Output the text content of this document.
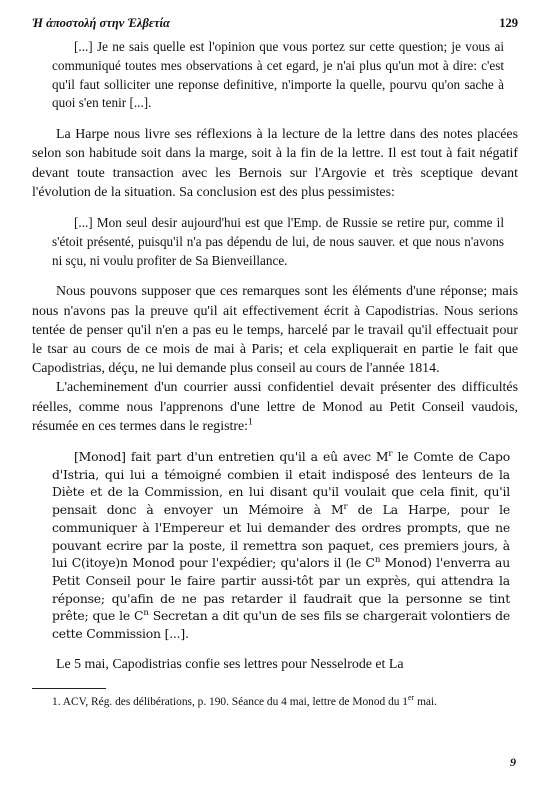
Ἡ ἀποστολή στην Ἑλβετία	129

[...] Je ne sais quelle est l'opinion que vous portez sur cette question; je vous ai communiqué toutes mes observations à cet egard, je n'ai plus qu'un mot à dire: c'est qu'il faut solliciter une reponse definitive, n'importe la quelle, pourvu qu'on sache à quoi s'en tenir [...].

La Harpe nous livre ses réflexions à la lecture de la lettre dans des notes placées selon son habitude soit dans la marge, soit à la fin de la lettre. Il est tout à fait négatif devant toute transaction avec les Bernois sur l'Argovie et très sceptique devant l'évolution de la situation. Sa conclusion est des plus pessimistes:

[...] Mon seul desir aujourd'hui est que l'Emp. de Russie se retire pur, comme il s'étoit présenté, puisqu'il n'a pas dépendu de lui, de nous sauver. et que nous n'avons ni sçu, ni voulu profiter de Sa Bienveillance.

Nous pouvons supposer que ces remarques sont les éléments d'une réponse; mais nous n'avons pas la preuve qu'il ait effectivement écrit à Capodistrias. Nous serions tentée de penser qu'il n'en a pas eu le temps, harcelé par le travail qu'il effectuait pour le tsar au cours de ce mois de mai à Paris; et cela expliquerait en partie le fait que Capodistrias, déçu, ne lui demande plus conseil au cours de l'année 1814.

L'acheminement d'un courrier aussi confidentiel devait présenter des difficultés réelles, comme nous l'apprenons d'une lettre de Monod au Petit Conseil vaudois, résumée en ces termes dans le registre:$^1$

[Monod] fait part d'un entretien qu'il a eû avec $M^r$ le Comte de Capo d'Istria, qui lui a témoigné combien il etait indisposé des lenteurs de la Diète et de la Commission, en lui disant qu'il voulait que cela finit, qu'il pensait donc à envoyer un Mémoire à $M^r$ de La Harpe, pour le communiquer à l'Empereur et lui demander des ordres prompts, que ne pouvant ecrire par la poste, il remettra son paquet, ces premiers jours, à lui C(itoye)n Monod pour l'expédier; qu'alors il (le $C^n$ Monod) l'enverra au Petit Conseil pour le faire partir aussi-tôt par un exprès, qui attendra la réponse; qu'afin de ne pas retarder il faudrait que la personne se tint prête; que le $C^n$ Secretan a dit qu'un de ses fils se chargerait volontiers de cette Commission [...].

Le 5 mai, Capodistrias confie ses lettres pour Nesselrode et La

1. ACV, Rég. des délibérations, p. 190. Séance du 4 mai, lettre de Monod du 1er mai.

9
